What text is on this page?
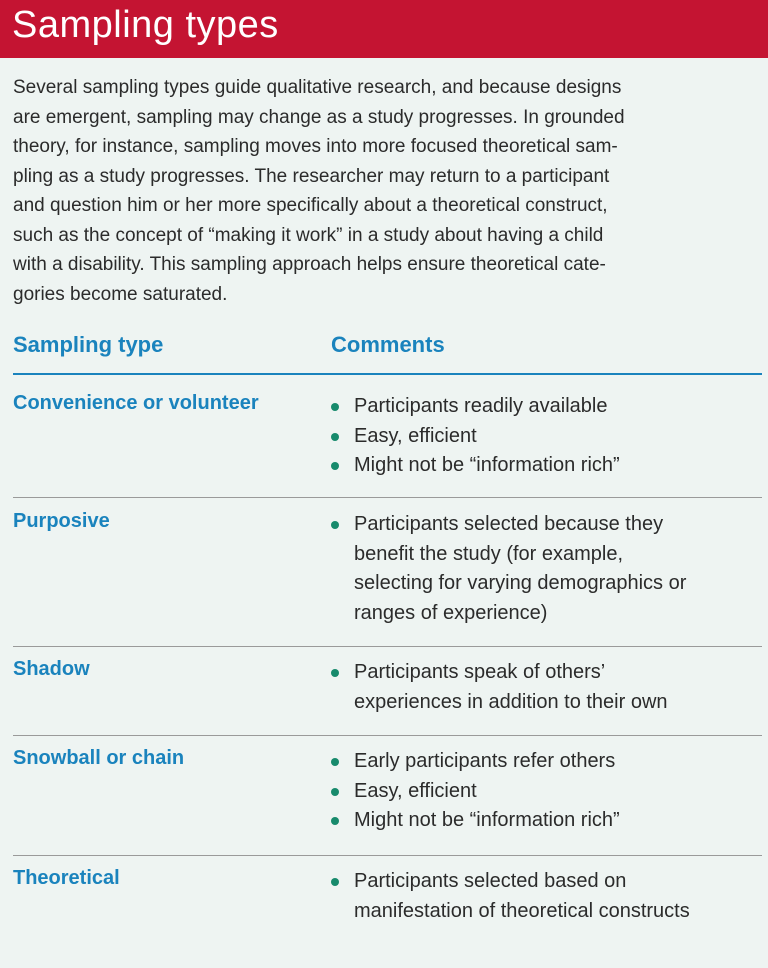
Sampling types
Several sampling types guide qualitative research, and because designs
are emergent, sampling may change as a study progresses. In grounded
theory, for instance, sampling moves into more focused theoretical sam-
pling as a study progresses. The researcher may return to a participant
and question him or her more specifically about a theoretical construct,
such as the concept of “making it work” in a study about having a child
with a disability. This sampling approach helps ensure theoretical cate-
gories become saturated.
Sampling type	Comments
Convenience or volunteer	Participants readily available
Easy, efficient
Might not be “information rich”
Purposive	Participants selected because they
benefit the study (for example,
selecting for varying demographics or
ranges of experience)
Shadow	Participants speak of others’
experiences in addition to their own
Snowball or chain	Early participants refer others
Easy, efficient
Might not be “information rich”
Theoretical	Participants selected based on
manifestation of theoretical constructs
